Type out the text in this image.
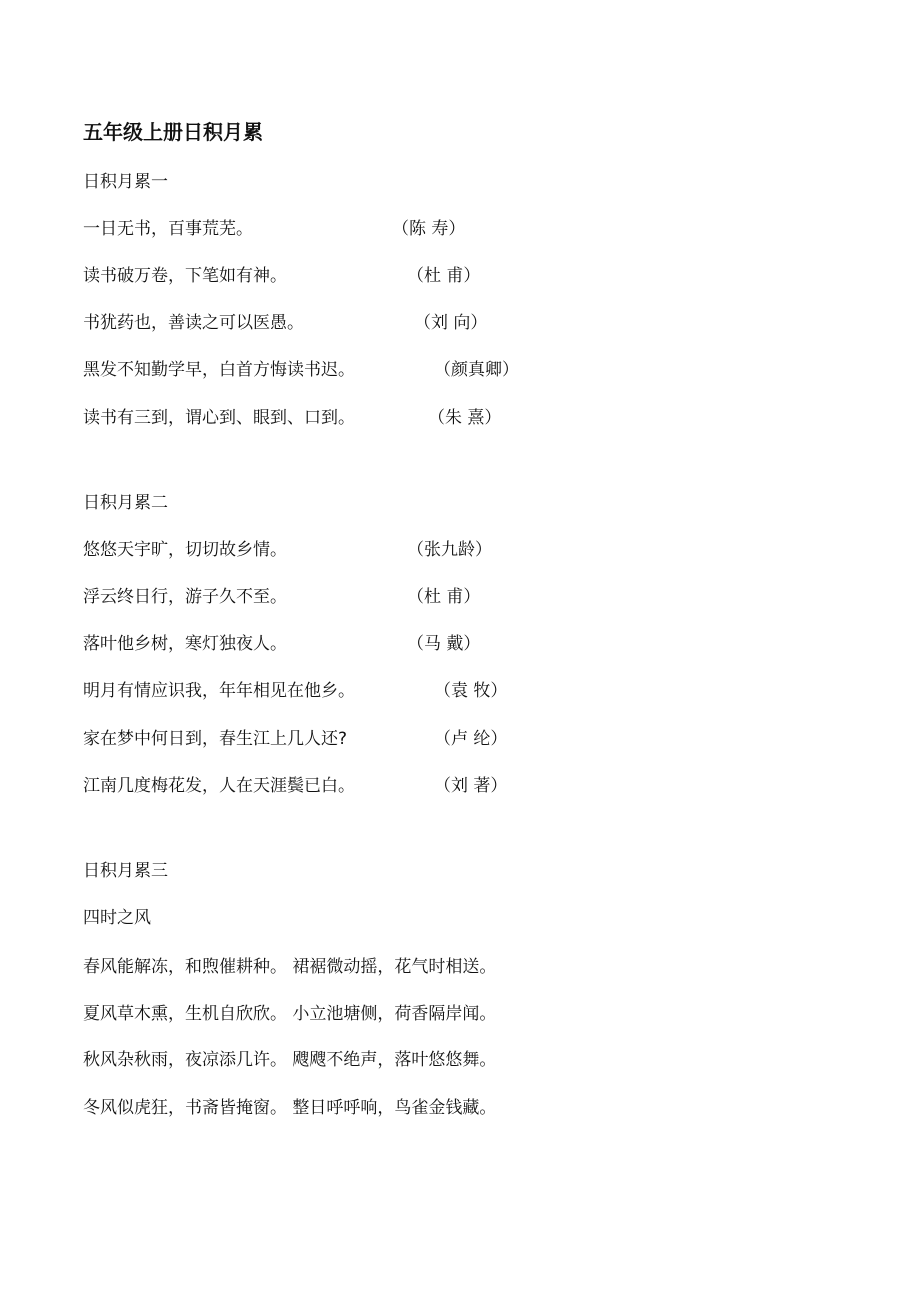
五年级上册日积月累
日积月累一
一日无书，百事荒芜。	（陈 寿）
读书破万卷，下笔如有神。	（杜 甫）
书犹药也，善读之可以医愚。	（刘 向）
黑发不知勤学早，白首方悔读书迟。	（颜真卿）
读书有三到，谓心到、眼到、口到。	（朱 熹）
日积月累二
悠悠天宇旷，切切故乡情。	（张九龄）
浮云终日行，游子久不至。	（杜 甫）
落叶他乡树，寒灯独夜人。	（马 戴）
明月有情应识我，年年相见在他乡。	（袁 牧）
家在梦中何日到，春生江上几人还?	（卢 纶）
江南几度梅花发，人在天涯鬓已白。	（刘 著）
日积月累三
四时之风
春风能解冻，和煦催耕种。 裙裾微动摇，花气时相送。
夏风草木熏，生机自欣欣。 小立池塘侧，荷香隔岸闻。
秋风杂秋雨，夜凉添几许。 飕飕不绝声，落叶悠悠舞。
冬风似虎狂，书斋皆掩窗。 整日呼呼响，鸟雀金钱藏。
